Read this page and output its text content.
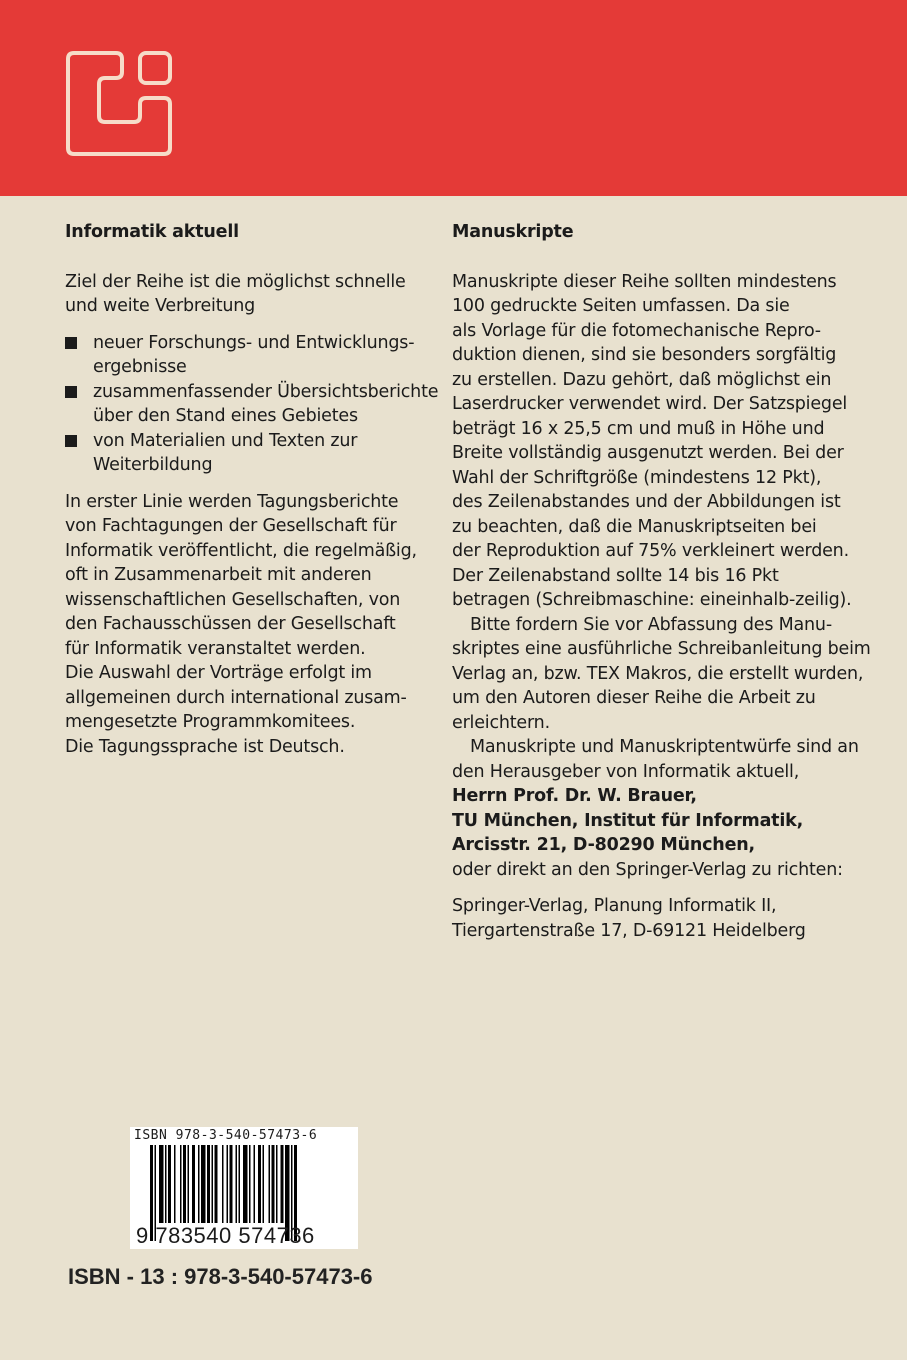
Informatik aktuell
Ziel der Reihe ist die möglichst schnelle
und weite Verbreitung
neuer Forschungs- und Entwicklungs-
ergebnisse
zusammenfassender Übersichtsberichte
über den Stand eines Gebietes
von Materialien und Texten zur
Weiterbildung
In erster Linie werden Tagungsberichte
von Fachtagungen der Gesellschaft für
Informatik veröffentlicht, die regelmäßig,
oft in Zusammenarbeit mit anderen
wissenschaftlichen Gesellschaften, von
den Fachausschüssen der Gesellschaft
für Informatik veranstaltet werden.
Die Auswahl der Vorträge erfolgt im
allgemeinen durch international zusam-
mengesetzte Programmkomitees.
Die Tagungssprache ist Deutsch.
Manuskripte
Manuskripte dieser Reihe sollten mindestens
100 gedruckte Seiten umfassen. Da sie
als Vorlage für die fotomechanische Repro-
duktion dienen, sind sie besonders sorgfältig
zu erstellen. Dazu gehört, daß möglichst ein
Laserdrucker verwendet wird. Der Satzspiegel
beträgt 16 x 25,5 cm und muß in Höhe und
Breite vollständig ausgenutzt werden. Bei der
Wahl der Schriftgröße (mindestens 12 Pkt),
des Zeilenabstandes und der Abbildungen ist
zu beachten, daß die Manuskriptseiten bei
der Reproduktion auf 75% verkleinert werden.
Der Zeilenabstand sollte 14 bis 16 Pkt
betragen (Schreibmaschine: eineinhalb-zeilig).
Bitte fordern Sie vor Abfassung des Manu-
skriptes eine ausführliche Schreibanleitung beim
Verlag an, bzw. TEX Makros, die erstellt wurden,
um den Autoren dieser Reihe die Arbeit zu
erleichtern.
Manuskripte und Manuskriptentwürfe sind an
den Herausgeber von Informatik aktuell,
Herrn Prof. Dr. W. Brauer,
TU München, Institut für Informatik,
Arcisstr. 21, D-80290 München,
oder direkt an den Springer-Verlag zu richten:
Springer-Verlag, Planung Informatik II,
Tiergartenstraße 17, D-69121 Heidelberg
ISBN 978-3-540-57473-6
9 783540 574736
ISBN - 13 : 978-3-540-57473-6
